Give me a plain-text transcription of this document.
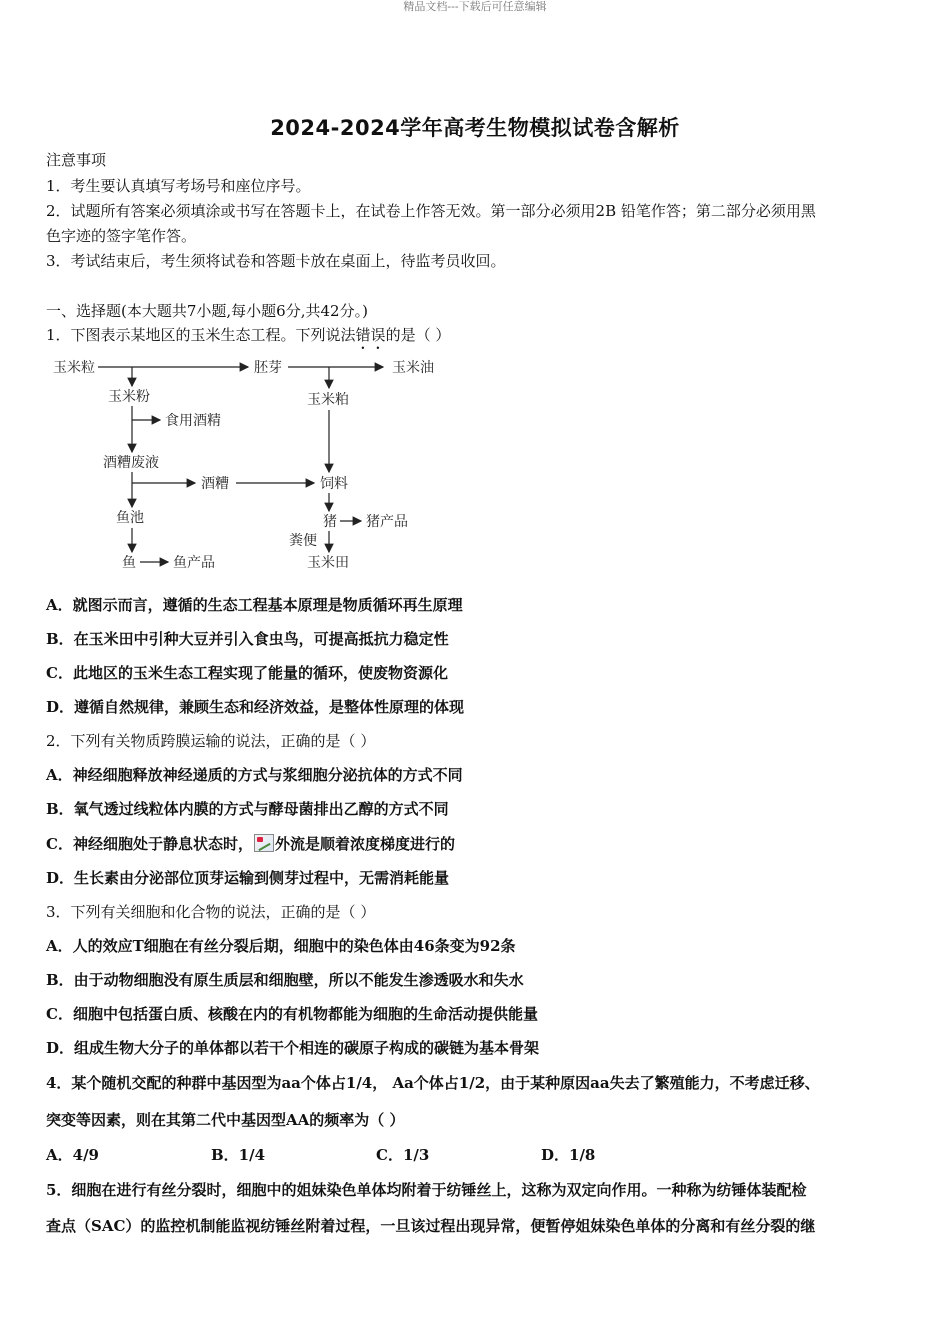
精品文档---下载后可任意编辑
2024-2024学年高考生物模拟试卷含解析
注意事项
1．考生要认真填写考场号和座位序号。
2．试题所有答案必须填涂或书写在答题卡上，在试卷上作答无效。第一部分必须用2B 铅笔作答；第二部分必须用黑
色字迹的签字笔作答。
3．考试结束后，考生须将试卷和答题卡放在桌面上，待监考员收回。
一、选择题(本大题共7小题,每小题6分,共42分。)
1．下图表示某地区的玉米生态工程。下列说法错误的是（ ）
玉米粒	胚芽	玉米油
玉米粉	玉米粕
食用酒精
酒糟废液
酒糟	饲料
鱼池	猪 猪产品
粪便
鱼	鱼产品	玉米田
A．就图示而言，遵循的生态工程基本原理是物质循环再生原理
B．在玉米田中引种大豆并引入食虫鸟，可提高抵抗力稳定性
C．此地区的玉米生态工程实现了能量的循环，使废物资源化
D．遵循自然规律，兼顾生态和经济效益，是整体性原理的体现
2．下列有关物质跨膜运输的说法，正确的是（ ）
A．神经细胞释放神经递质的方式与浆细胞分泌抗体的方式不同
B．氧气透过线粒体内膜的方式与酵母菌排出乙醇的方式不同
C．神经细胞处于静息状态时， 外流是顺着浓度梯度进行的
D．生长素由分泌部位顶芽运输到侧芽过程中，无需消耗能量
3．下列有关细胞和化合物的说法，正确的是（ ）
A．人的效应T细胞在有丝分裂后期，细胞中的染色体由46条变为92条
B．由于动物细胞没有原生质层和细胞壁，所以不能发生渗透吸水和失水
C．细胞中包括蛋白质、核酸在内的有机物都能为细胞的生命活动提供能量
D．组成生物大分子的单体都以若干个相连的碳原子构成的碳链为基本骨架
4．某个随机交配的种群中基因型为aa个体占1/4， Aa个体占1/2，由于某种原因aa失去了繁殖能力，不考虑迁移、
突变等因素，则在其第二代中基因型AA的频率为（ ）
A．4/9	B．1/4	C．1/3	D．1/8
5．细胞在进行有丝分裂时，细胞中的姐妹染色单体均附着于纺锤丝上，这称为双定向作用。一种称为纺锤体装配检
查点（SAC）的监控机制能监视纺锤丝附着过程，一旦该过程出现异常，便暂停姐妹染色单体的分离和有丝分裂的继
